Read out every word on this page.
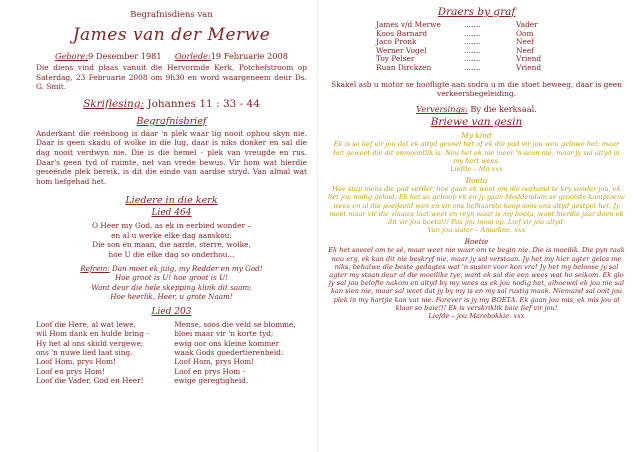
Begrafnisdiens van
James van der Merwe
Gebore:9 Desember 1981 Oorlede:19 Februarie 2008
Die diens vind plaas vanuit die Hervormde Kerk, Potchefstroom op Saterdag, 23 Februarie 2008 om 9h30 en word waargeneem deur Ds. G. Smit.
Skriflesing: Johannes 11 : 33 - 44
Begrafnisbrief
Anderkant die reënboog is daar 'n plek waar lig nooit ophou skyn nie. Daar is geen skadu of wolke in die lug, daar is niks donker en sal die dag nooit verdwyn nie. Die is die hemel - plek van vreugde en rus. Daar's geen tyd of ruimte, net van vrede bewus. Vir hom wat hierdie geseënde plek bereik, is dit die einde van aardse stryd. Van almal wat hom liefgehad het.
Liedere in die kerk
Lied 464
O Heer my God, as ek in eerbied wonder –
en al u werke elke dag aanskou:
Die son en maan, die aarde, sterre, wolke,
hoe U die elke dag so onderhou...
Refrein: Dan moet ek juig, my Redder en my God!
Hoe groot is U! hoe groot is U!
Want deur die hele skepping klink dit saam:
Hoe heerlik, Heer, u grote Naam!
Lied 203
Loof die Here, al wat lewe,
wil Hom dank en hulde bring -
Hy het al ons skuld vergewe;
ons 'n nuwe lied laat sing.
Loof Hom, prys Hom!
Loof en prys Hom!
Loof die Vader, God en Heer!
Mense, soos die veld se blomme,
bloei maar vir 'n korte tyd;
ewig oor ons kleine kommer
waak Gods goedertierenheid:
Loof Hom, prys Hom!
Loof en prys Hom -
ewige geregtigheid.
Draers by graf
James v/d Merwe	.......	Vader
Koos Barnard	.......	Oom
Jaco Pronk	.......	Neef
Werner Vogel	.......	Neef
Toy Pelser	.......	Vriend
Ruan Dirckzen	.......	Vriend
Skakel asb u motor se hoofligte aan sodra u in die stoet beweeg, daar is geen verkeersbegeleiding.
Verversings: By die kerksaal.
Briewe van gesin
My kind
Ek is so lief vir jou dat ek altyd gevoel het of ek die pad vir jou wou gelowe het; maar het geweet die dit onmoontlik is. Nou het ek nie meer 'n seun nie, maar jy sal altyd in my hart wees.
Liefde – Ma xxx
Boeta
Hoe stap mens die pad verder, hoe gaan ek weet om die oorhand te kry sonder jou, ek het jou nodig gehad. Ek het so gehoop ek en jy gaan Moddendam se grootste kampioene wees en al die poeljeeld wen en vir ons belhaarste koop soos ons altyd gestpot het. Jy moet maar vir die vlaaies laat weet en reyn waar is my boeta, want hierdie jaar doen ek dit vir jou boeta!!! Pas jou mooi op. Lief vir jou altyd.
Van jou sister – Anneline. xxx
Boetie
Ek het soveel om te sê, maar weet nie waar om te begin nie. Die is moeilik. Die pyn raak nou erg, ek kan dit nie beskryf nie, maar jy sal verstaan. Jy het my hier agter gelos me niks, behalwe die beste gedagtes wat 'n suster voor kon vra! Jy het my beloove jy sal agter my staan deur al die moeilike tye, want ek sal die een wees wat ho seikom. Ek glo jy sal jou belofte nakom en altyd by my wees as ek jou nodig het, alhoewel ek jou nie sal kan sien nie, maar sal weet dat jy by my is en my sal rustig maak. Niemand sal ooit jou plek in my hartjie kan vat nie. Forever is jy my BOETA. Ek gaan jou mis, ek mis jou al klaar so baie!!! Ek is verskriklik baie lief vir jou!
Liefde – jou Marebokkie. xxx
